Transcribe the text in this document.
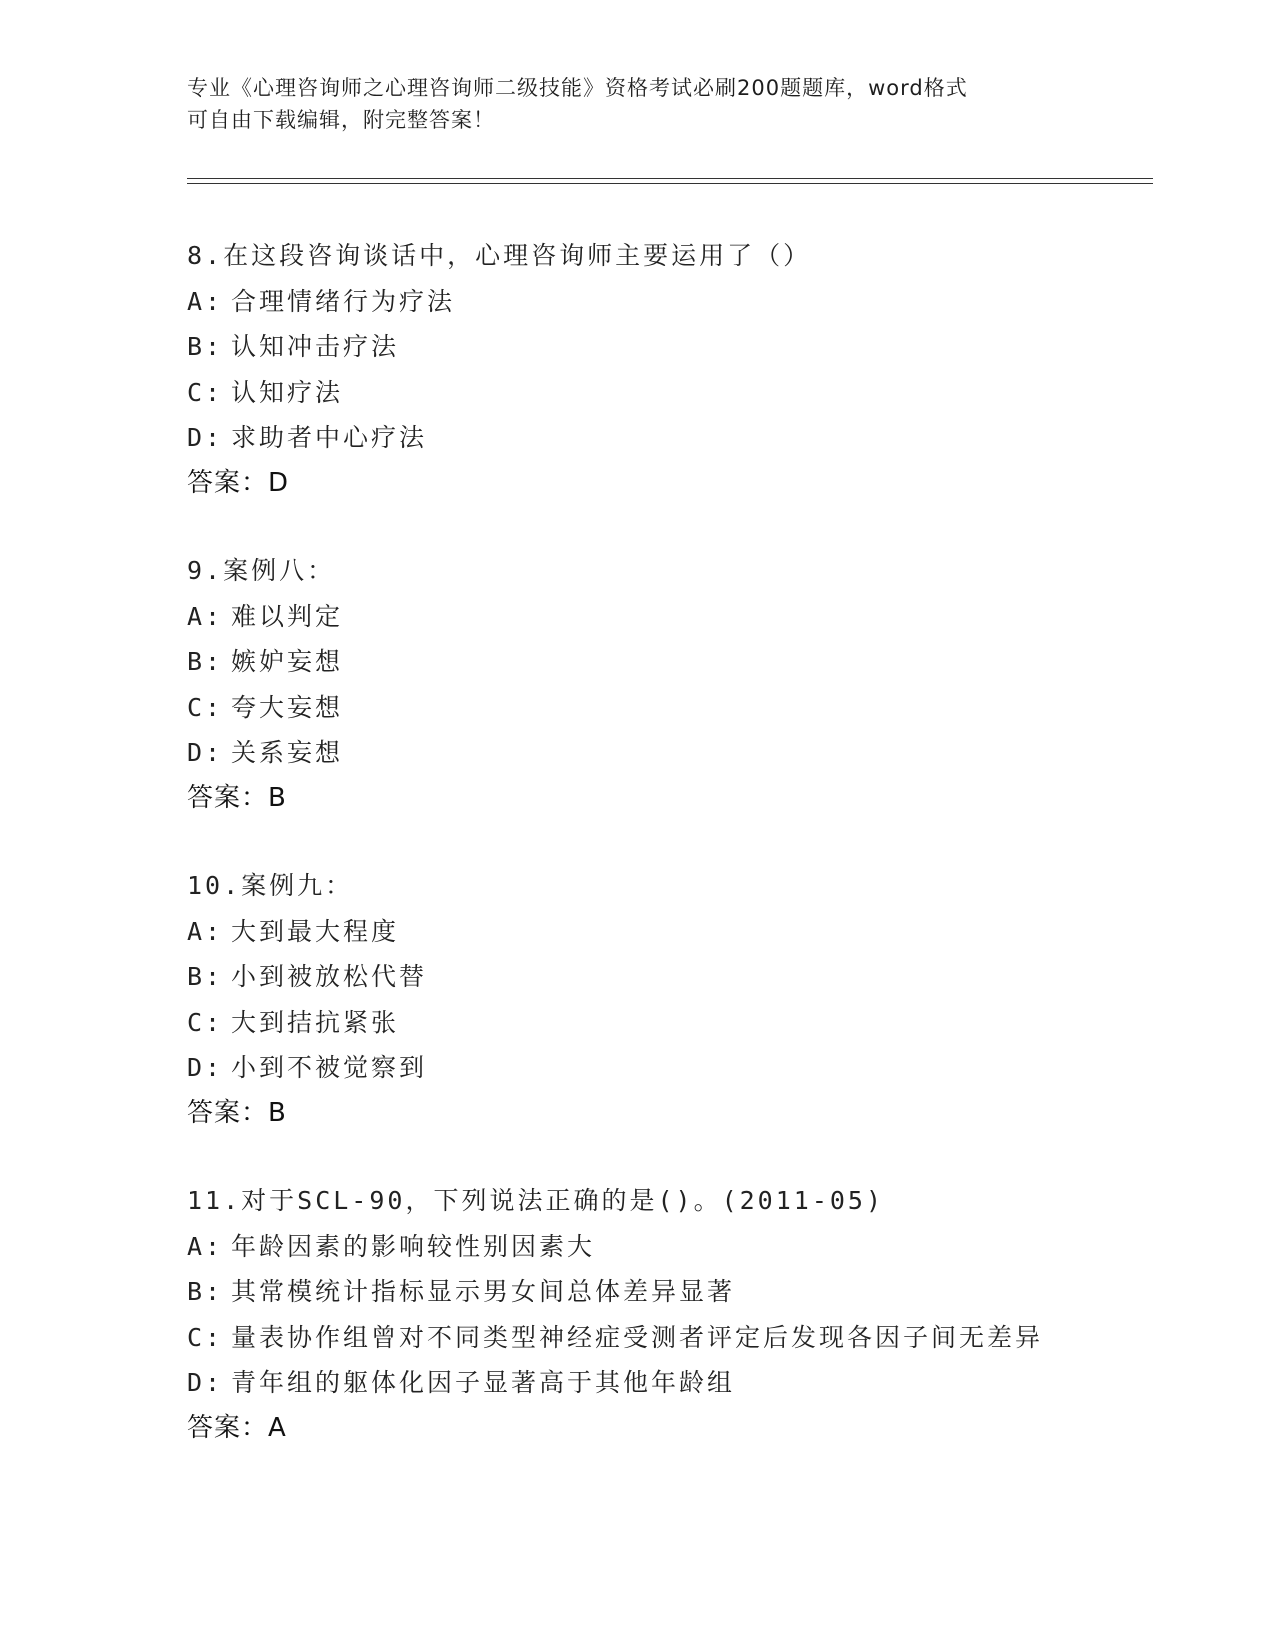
专业《心理咨询师之心理咨询师二级技能》资格考试必刷200题题库，word格式
可自由下载编辑，附完整答案！
8.在这段咨询谈话中，心理咨询师主要运用了（）
A: 合理情绪行为疗法
B: 认知冲击疗法
C: 认知疗法
D: 求助者中心疗法
答案：D
9.案例八：
A: 难以判定
B: 嫉妒妄想
C: 夸大妄想
D: 关系妄想
答案：B
10.案例九：
A: 大到最大程度
B: 小到被放松代替
C: 大到拮抗紧张
D: 小到不被觉察到
答案：B
11.对于SCL-90，下列说法正确的是()。(2011-05)
A: 年龄因素的影响较性别因素大
B: 其常模统计指标显示男女间总体差异显著
C: 量表协作组曾对不同类型神经症受测者评定后发现各因子间无差异
D: 青年组的躯体化因子显著高于其他年龄组
答案：A
